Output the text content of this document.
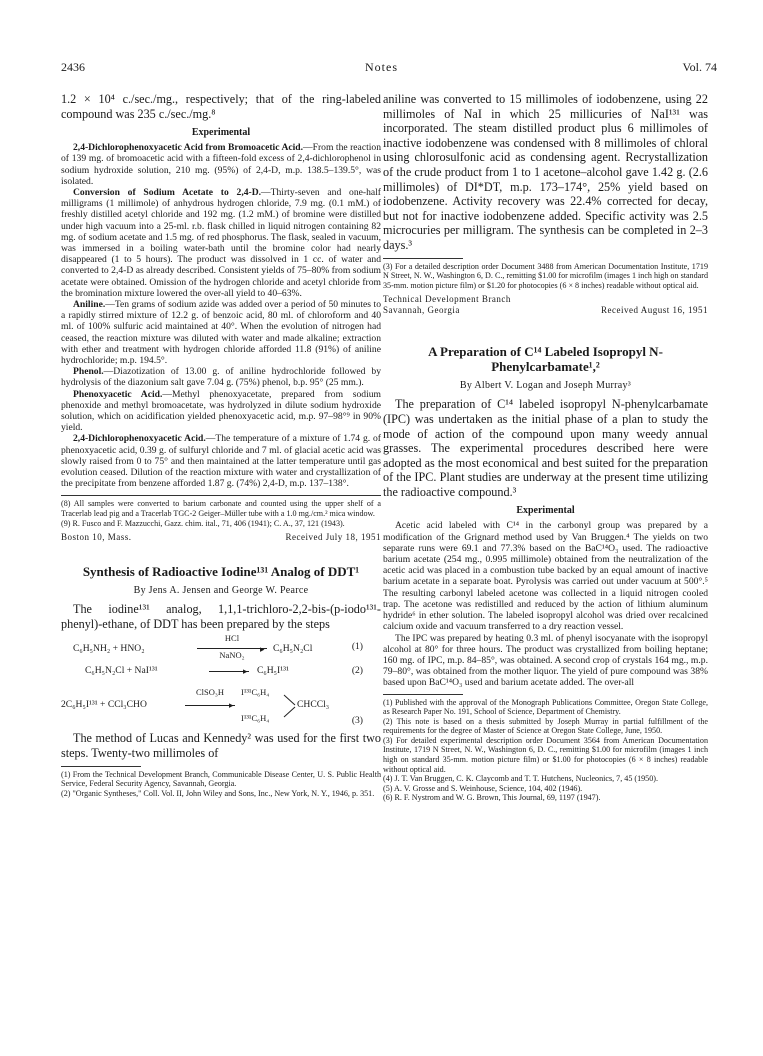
2436	Notes	Vol. 74

1.2 × 10⁴ c./sec./mg., respectively; that of the ring-labeled compound was 235 c./sec./mg.⁸

Experimental

2,4-Dichlorophenoxyacetic Acid from Bromoacetic Acid.—From the reaction of 139 mg. of bromoacetic acid with a fifteen-fold excess of 2,4-dichlorophenol in sodium hydroxide solution, 210 mg. (95%) of 2,4-D, m.p. 138.5–139.5°, was isolated.

Conversion of Sodium Acetate to 2,4-D.—Thirty-seven and one-half milligrams (1 millimole) of anhydrous hydrogen chloride, 7.9 mg. (0.1 mM.) of freshly distilled acetyl chloride and 192 mg. (1.2 mM.) of bromine were distilled under high vacuum into a 25-ml. r.b. flask chilled in liquid nitrogen containing 82 mg. of sodium acetate and 1.5 mg. of red phosphorus. The flask, sealed in vacuum, was immersed in a boiling water-bath until the bromine color had nearly disappeared (1 to 5 hours). The product was dissolved in 1 cc. of water and converted to 2,4-D as already described. Consistent yields of 75–80% from sodium acetate were obtained. Omission of the hydrogen chloride and acetyl chloride from the bromination mixture lowered the over-all yield to 40–63%.

Aniline.—Ten grams of sodium azide was added over a period of 50 minutes to a rapidly stirred mixture of 12.2 g. of benzoic acid, 80 ml. of chloroform and 40 ml. of 100% sulfuric acid maintained at 40°. When the evolution of nitrogen had ceased, the reaction mixture was diluted with water and made alkaline; extraction with ether and treatment with hydrogen chloride afforded 11.8 (91%) of aniline hydrochloride; m.p. 194.5°.

Phenol.—Diazotization of 13.00 g. of aniline hydrochloride followed by hydrolysis of the diazonium salt gave 7.04 g. (75%) phenol, b.p. 95° (25 mm.).

Phenoxyacetic Acid.—Methyl phenoxyacetate, prepared from sodium phenoxide and methyl bromoacetate, was hydrolyzed in dilute sodium hydroxide solution, which on acidification yielded phenoxyacetic acid, m.p. 97–98°⁹ in 90% yield.

2,4-Dichlorophenoxyacetic Acid.—The temperature of a mixture of 1.74 g. of phenoxyacetic acid, 0.39 g. of sulfuryl chloride and 7 ml. of glacial acetic acid was slowly raised from 0 to 75° and then maintained at the latter temperature until gas evolution ceased. Dilution of the reaction mixture with water and crystallization of the precipitate from benzene afforded 1.87 g. (74%) 2,4-D, m.p. 137–138°.

(8) All samples were converted to barium carbonate and counted using the upper shelf of a Tracerlab lead pig and a Tracerlab TGC-2 Geiger–Müller tube with a 1.0 mg./cm.² mica window.

(9) R. Fusco and F. Mazzucchi, Gazz. chim. ital., 71, 406 (1941); C. A., 37, 121 (1943).

Boston 10, Mass.	Received July 18, 1951
Synthesis of Radioactive Iodine¹³¹ Analog of DDT¹
By Jens A. Jensen and George W. Pearce

The iodine¹³¹ analog, 1,1,1-trichloro-2,2-bis-(p-iodo¹³¹-phenyl)-ethane, of DDT has been prepared by the steps

C₆H₅NH₂ + HNO₂
HCl
▸
NaNO₂
C₆H₅N₂Cl	(1)
C₆H₅N₂Cl + NaI¹³¹	▸ C₆H₅I¹³¹	(2)
2C₆H₅I¹³¹ + CCl₃CHO
ClSO₃H
▸
I¹³¹C₆H₄
I¹³¹C₆H₄
CHCCl₃
(3)

The method of Lucas and Kennedy² was used for the first two steps. Twenty-two millimoles of

(1) From the Technical Development Branch, Communicable Disease Center, U. S. Public Health Service, Federal Security Agency, Savannah, Georgia.

(2) "Organic Syntheses," Coll. Vol. II, John Wiley and Sons, Inc., New York, N. Y., 1946, p. 351.

aniline was converted to 15 millimoles of iodobenzene, using 22 millimoles of NaI in which 25 millicuries of NaI¹³¹ was incorporated. The steam distilled product plus 6 millimoles of inactive iodobenzene was condensed with 8 millimoles of chloral using chlorosulfonic acid as condensing agent. Recrystallization of the crude product from 1 to 1 acetone–alcohol gave 1.42 g. (2.6 millimoles) of DI*DT, m.p. 173–174°, 25% yield based on iodobenzene. Activity recovery was 22.4% corrected for decay, but not for inactive iodobenzene added. Specific activity was 2.5 microcuries per milligram. The synthesis can be completed in 2–3 days.³

(3) For a detailed description order Document 3488 from American Documentation Institute, 1719 N Street, N. W., Washington 6, D. C., remitting $1.00 for microfilm (images 1 inch high on standard 35-mm. motion picture film) or $1.20 for photocopies (6 × 8 inches) readable without optical aid.

Technical Development Branch
Savannah, Georgia	Received August 16, 1951
A Preparation of C¹⁴ Labeled Isopropyl N-Phenylcarbamate¹,²
By Albert V. Logan and Joseph Murray³

The preparation of C¹⁴ labeled isopropyl N-phenylcarbamate (IPC) was undertaken as the initial phase of a plan to study the mode of action of the compound upon many weedy annual grasses. The experimental procedures described here were adopted as the most economical and best suited for the preparation of the IPC. Plant studies are underway at the present time utilizing the radioactive compound.³

Experimental

Acetic acid labeled with C¹⁴ in the carbonyl group was prepared by a modification of the Grignard method used by Van Bruggen.⁴ The yields on two separate runs were 69.1 and 77.3% based on the BaC¹⁴O₃ used. The radioactive barium acetate (254 mg., 0.995 millimole) obtained from the neutralization of the acetic acid was placed in a combustion tube backed by an equal amount of inactive barium acetate in a separate boat. Pyrolysis was carried out under vacuum at 500°.⁵ The resulting carbonyl labeled acetone was collected in a liquid nitrogen cooled trap. The acetone was redistilled and reduced by the action of lithium aluminum hydride⁶ in ether solution. The labeled isopropyl alcohol was dried over recalcined calcium oxide and vacuum transferred to a dry reaction vessel.

The IPC was prepared by heating 0.3 ml. of phenyl isocyanate with the isopropyl alcohol at 80° for three hours. The product was crystallized from boiling heptane; 160 mg. of IPC, m.p. 84–85°, was obtained. A second crop of crystals 164 mg., m.p. 79–80°, was obtained from the mother liquor. The yield of pure compound was 38% based upon BaC¹⁴O₃ used and barium acetate added. The over-all

(1) Published with the approval of the Monograph Publications Committee, Oregon State College, as Research Paper No. 191, School of Science, Department of Chemistry.

(2) This note is based on a thesis submitted by Joseph Murray in partial fulfillment of the requirements for the degree of Master of Science at Oregon State College, June, 1950.

(3) For detailed experimental description order Document 3564 from American Documentation Institute, 1719 N Street, N. W., Washington 6, D. C., remitting $1.00 for microfilm (images 1 inch high on standard 35-mm. motion picture film) or $1.00 for photocopies (6 × 8 inches) readable without optical aid.

(4) J. T. Van Bruggen, C. K. Claycomb and T. T. Hutchens, Nucleonics, 7, 45 (1950).

(5) A. V. Grosse and S. Weinhouse, Science, 104, 402 (1946).

(6) R. F. Nystrom and W. G. Brown, This Journal, 69, 1197 (1947).
